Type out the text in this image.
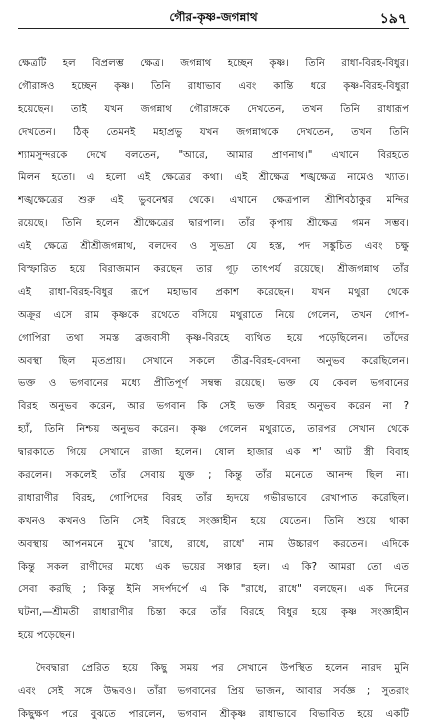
গৌর-কৃষ্ণ-জগন্নাথ	১৯৭
ক্ষেত্রটি হল বিপ্রলম্ভ ক্ষেত্র। জগন্নাথ হচ্ছেন কৃষ্ণ। তিনি রাধা-বিরহ-বিধুর।
গৌরাঙ্গও হচ্ছেন কৃষ্ণ। তিনি রাধাভাব এবং কান্তি ধরে কৃষ্ণ-বিরহ-বিধুরা
হয়েছেন। তাই যখন জগন্নাথ গৌরাঙ্গকে দেখতেন, তখন তিনি রাধারূপ
দেখতেন। ঠিক্ তেমনই মহাপ্রভু যখন জগন্নাথকে দেখতেন, তখন তিনি
শ্যামসুন্দরকে দেখে বলতেন, "আরে, আমার প্রাণনাথ।" এখানে বিরহতে
মিলন হতো। এ হলো এই ক্ষেত্রের কথা। এই শ্রীক্ষেত্র শঙ্খক্ষেত্র নামেও খ্যাত।
শঙ্খক্ষেত্রের শুরু এই ভুবনেশ্বর থেকে। এখানে ক্ষেত্রপাল শ্রীশিবঠাকুর মন্দির
রয়েছে। তিনি হলেন শ্রীক্ষেত্রের দ্বারপাল। তাঁর কৃপায় শ্রীক্ষেত্র গমন সম্ভব।
এই ক্ষেত্রে শ্রীশ্রীজগন্নাথ, বলদেব ও সুভদ্রা যে হস্ত, পদ সঙ্কুচিত এবং চক্ষু
বিস্ফারিত হয়ে বিরাজমান করছেন তার গূঢ় তাৎপর্য রয়েছে। শ্রীজগন্নাথ তাঁর
এই রাধা-বিরহ-বিধুর রূপে মহাভাব প্রকাশ করেছেন। যখন মথুরা থেকে
অক্রূর এসে রাম কৃষ্ণকে রথেতে বসিয়ে মথুরাতে নিয়ে গেলেন, তখন গোপ-
গোপিরা তথা সমস্ত ব্রজবাসী কৃষ্ণ-বিরহে ব্যথিত হয়ে পড়েছিলেন। তাঁদের
অবস্থা ছিল মৃতপ্রায়। সেখানে সকলে তীব্র-বিরহ-বেদনা অনুভব করেছিলেন।
ভক্ত ও ভগবানের মধ্যে প্রীতিপূর্ণ সম্বন্ধ রয়েছে। ভক্ত যে কেবল ভগবানের
বিরহ অনুভব করেন, আর ভগবান কি সেই ভক্ত বিরহ অনুভব করেন না ?
হ্যাঁ, তিনি নিশ্চয় অনুভব করেন। কৃষ্ণ গেলেন মথুরাতে, তারপর সেখান থেকে
দ্বারকাতে গিয়ে সেখানে রাজা হলেন। ষোল হাজার এক শ' আট স্ত্রী বিবাহ
করলেন। সকলেই তাঁর সেবায় যুক্ত ; কিন্তু তাঁর মনেতে আনন্দ ছিল না।
রাধারাণীর বিরহ, গোপিদের বিরহ তাঁর হৃদয়ে গভীরভাবে রেখাপাত করেছিল।
কখনও কখনও তিনি সেই বিরহে সংজ্ঞাহীন হয়ে যেতেন। তিনি শুয়ে থাকা
অবস্থায় আপনমনে মুখে 'রাধে, রাধে, রাধে' নাম উচ্চারণ করতেন। এদিকে
কিন্তু সকল রাণীদের মধ্যে এক ভয়ের সঞ্চার হল। এ কি? আমরা তো এত
সেবা করছি ; কিন্তু ইনি সদর্পদর্পে এ কি "রাধে, রাধে" বলছেন। এক দিনের
ঘটনা,—শ্রীমতী রাধারাণীর চিন্তা করে তাঁর বিরহে বিধুর হয়ে কৃষ্ণ সংজ্ঞাহীন
হয়ে পড়েছেন।
দৈবদ্বারা প্রেরিত হয়ে কিছু সময় পর সেখানে উপস্থিত হলেন নারদ মুনি
এবং সেই সঙ্গে উদ্ধবও। তাঁরা ভগবানের প্রিয় ভাজন, আবার সর্বজ্ঞ ; সুতরাং
কিছুক্ষণ পরে বুঝতে পারলেন, ভগবান শ্রীকৃষ্ণ রাধাভাবে বিভাবিত হয়ে একটি
